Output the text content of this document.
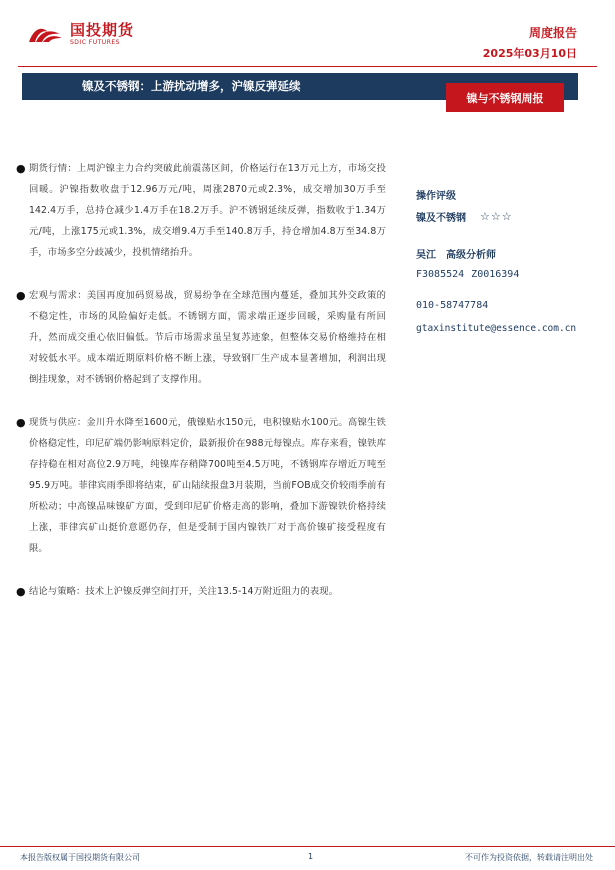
国投期货
SDIC FUTURES
周度报告
2025年03月10日
镍及不锈钢：上游扰动增多，沪镍反弹延续
镍与不锈钢周报
● 期货行情：上周沪镍主力合约突破此前震荡区间，价格运行在13万元上方，市场交投回暖。沪镍指数收盘于12.96万元/吨，周涨2870元或2.3%，成交增加30万手至142.4万手，总持仓减少1.4万手在18.2万手。沪不锈钢延续反弹，指数收于1.34万元/吨，上涨175元或1.3%，成交增9.4万手至140.8万手，持仓增加4.8万至34.8万手，市场多空分歧减少，投机情绪抬升。
● 宏观与需求：美国再度加码贸易战，贸易纷争在全球范围内蔓延，叠加其外交政策的不稳定性，市场的风险偏好走低。不锈钢方面，需求端正逐步回暖，采购量有所回升，然而成交重心依旧偏低。节后市场需求虽呈复苏迹象，但整体交易价格维持在相对较低水平。成本端近期原料价格不断上涨，导致钢厂生产成本显著增加，利润出现倒挂现象，对不锈钢价格起到了支撑作用。
● 现货与供应：金川升水降至1600元，俄镍贴水150元，电积镍贴水100元。高镍生铁价格稳定性，印尼矿端仍影响原料定价，最新报价在988元每镍点。库存来看，镍铁库存持稳在相对高位2.9万吨，纯镍库存稍降700吨至4.5万吨，不锈钢库存增近万吨至95.9万吨。菲律宾雨季即将结束，矿山陆续报盘3月装期，当前FOB成交价较雨季前有所松动；中高镍品味镍矿方面，受到印尼矿价格走高的影响，叠加下游镍铁价格持续上涨，菲律宾矿山挺价意愿仍存，但是受制于国内镍铁厂对于高价镍矿接受程度有限。
● 结论与策略：技术上沪镍反弹空间打开，关注13.5-14万附近阻力的表现。
操作评级
镍及不锈钢 ☆☆☆
吴江 高级分析师
F3085524 Z0016394
010-58747784
gtaxinstitute@essence.com.cn
本报告版权属于国投期货有限公司	1	不可作为投资依据，转载请注明出处
